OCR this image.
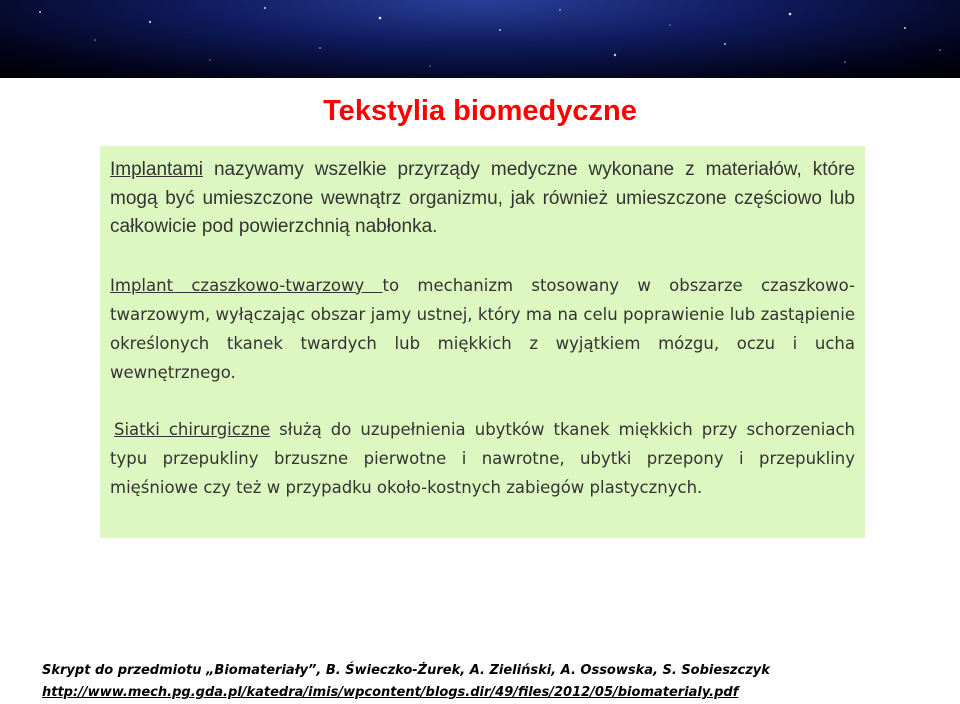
Tekstylia biomedyczne

Implantami nazywamy wszelkie przyrządy medyczne wykonane z materiałów, które mogą być umieszczone wewnątrz organizmu, jak również umieszczone częściowo lub całkowicie pod powierzchnią nabłonka.

Implant czaszkowo-twarzowy to mechanizm stosowany w obszarze czaszkowo-twarzowym, wyłączając obszar jamy ustnej, który ma na celu poprawienie lub zastąpienie określonych tkanek twardych lub miękkich z wyjątkiem mózgu, oczu i ucha wewnętrznego.

Siatki chirurgiczne służą do uzupełnienia ubytków tkanek miękkich przy schorzeniach typu przepukliny brzuszne pierwotne i nawrotne, ubytki przepony i przepukliny mięśniowe czy też w przypadku około-kostnych zabiegów plastycznych.

Skrypt do przedmiotu „Biomateriały”, B. Świeczko-Żurek, A. Zieliński, A. Ossowska, S. Sobieszczyk
http://www.mech.pg.gda.pl/katedra/imis/wpcontent/blogs.dir/49/files/2012/05/biomaterialy.pdf
